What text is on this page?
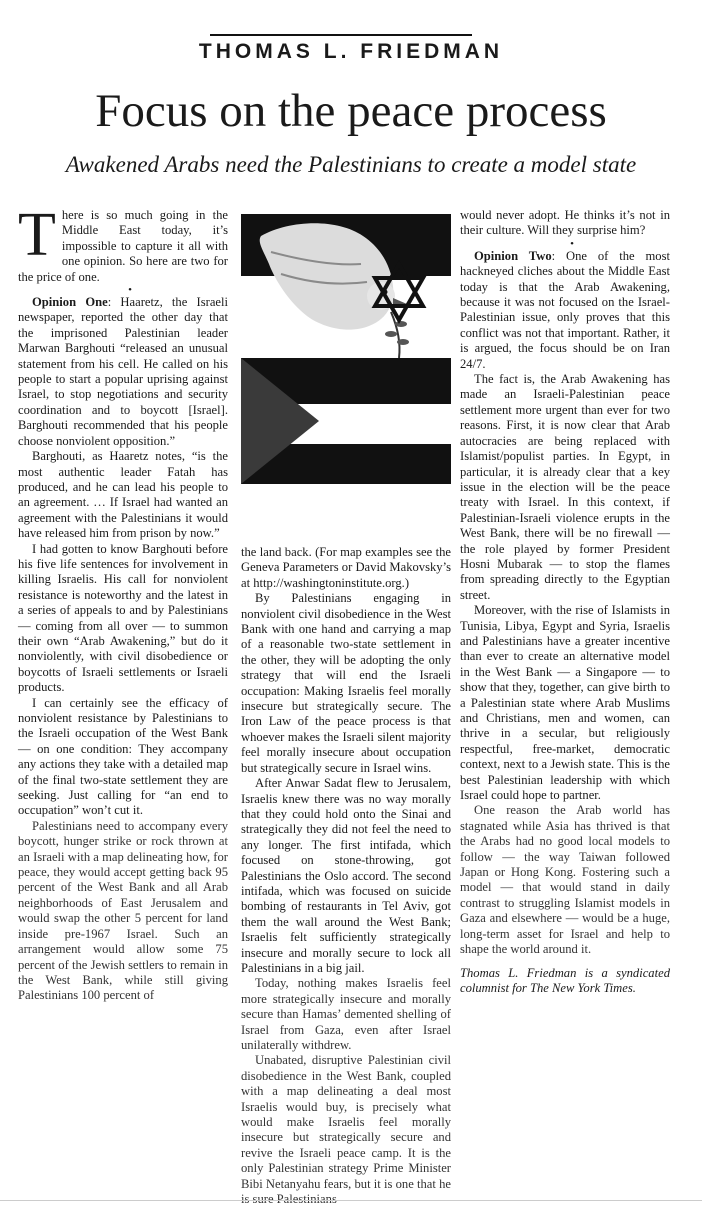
THOMAS L. FRIEDMAN
Focus on the peace process
Awakened Arabs need the Palestinians to create a model state

There is so much going in the Middle East today, it’s impossible to capture it all with one opinion. So here are two for the price of one.

•

Opinion One: Haaretz, the Israeli newspaper, reported the other day that the imprisoned Palestinian leader Marwan Barghouti “released an unusual statement from his cell. He called on his people to start a popular uprising against Israel, to stop negotiations and security coordination and to boycott [Israel]. Barghouti recommended that his people choose nonviolent opposition.”

Barghouti, as Haaretz notes, “is the most authentic leader Fatah has produced, and he can lead his people to an agreement. … If Israel had wanted an agreement with the Palestinians it would have released him from prison by now.”

I had gotten to know Barghouti before his five life sentences for involvement in killing Israelis. His call for nonviolent resistance is noteworthy and the latest in a series of appeals to and by Palestinians — coming from all over — to summon their own “Arab Awakening,” but do it nonviolently, with civil disobedience or boycotts of Israeli settlements or Israeli products.

I can certainly see the efficacy of nonviolent resistance by Palestinians to the Israeli occupation of the West Bank — on one condition: They accompany any actions they take with a detailed map of the final two-state settlement they are seeking. Just calling for “an end to occupation” won’t cut it.

Palestinians need to accompany every boycott, hunger strike or rock thrown at an Israeli with a map delineating how, for peace, they would accept getting back 95 percent of the West Bank and all Arab neighborhoods of East Jerusalem and would swap the other 5 percent for land inside pre-1967 Israel. Such an arrangement would allow some 75 percent of the Jewish settlers to remain in the West Bank, while still giving Palestinians 100 percent of

the land back. (For map examples see the Geneva Parameters or David Makovsky’s at http://washingtoninstitute.org.)

By Palestinians engaging in nonviolent civil disobedience in the West Bank with one hand and carrying a map of a reasonable two-state settlement in the other, they will be adopting the only strategy that will end the Israeli occupation: Making Israelis feel morally insecure but strategically secure. The Iron Law of the peace process is that whoever makes the Israeli silent majority feel morally insecure about occupation but strategically secure in Israel wins.

After Anwar Sadat flew to Jerusalem, Israelis knew there was no way morally that they could hold onto the Sinai and strategically they did not feel the need to any longer. The first intifada, which focused on stone-throwing, got Palestinians the Oslo accord. The second intifada, which was focused on suicide bombing of restaurants in Tel Aviv, got them the wall around the West Bank; Israelis felt sufficiently strategically insecure and morally secure to lock all Palestinians in a big jail.

Today, nothing makes Israelis feel more strategically insecure and morally secure than Hamas’ demented shelling of Israel from Gaza, even after Israel unilaterally withdrew.

Unabated, disruptive Palestinian civil disobedience in the West Bank, coupled with a map delineating a deal most Israelis would buy, is precisely what would make Israelis feel morally insecure but strategically secure and revive the Israeli peace camp. It is the only Palestinian strategy Prime Minister Bibi Netanyahu fears, but it is one that he

would never adopt. He thinks it’s not in their culture. Will they surprise him?

•

Opinion Two: One of the most hackneyed cliches about the Middle East today is that the Arab Awakening, because it was not focused on the Israel-Palestinian issue, only proves that this conflict was not that important. Rather, it is argued, the focus should be on Iran 24/7.

The fact is, the Arab Awakening has made an Israeli-Palestinian peace settlement more urgent than ever for two reasons. First, it is now clear that Arab autocracies are being replaced with Islamist/populist parties. In Egypt, in particular, it is already clear that a key issue in the election will be the peace treaty with Israel. In this context, if Palestinian-Israeli violence erupts in the West Bank, there will be no firewall — the role played by former President Hosni Mubarak — to stop the flames from spreading directly to the Egyptian street.

Moreover, with the rise of Islamists in Tunisia, Libya, Egypt and Syria, Israelis and Palestinians have a greater incentive than ever to create an alternative model in the West Bank — a Singapore — to show that they, together, can give birth to a Palestinian state where Arab Muslims and Christians, men and women, can thrive in a secular, but religiously respectful, free-market, democratic context, next to a Jewish state. This is the best Palestinian leadership with which Israel could hope to partner.

One reason the Arab world has stagnated while Asia has thrived is that the Arabs had no good local models to follow — the way Taiwan followed Japan or Hong Kong. Fostering such a model — that would stand in daily contrast to struggling Islamist models in Gaza and elsewhere — would be a huge, long-term asset for Israel and help to shape the world around it.

Thomas L. Friedman is a syndicated columnist for The New York Times.
